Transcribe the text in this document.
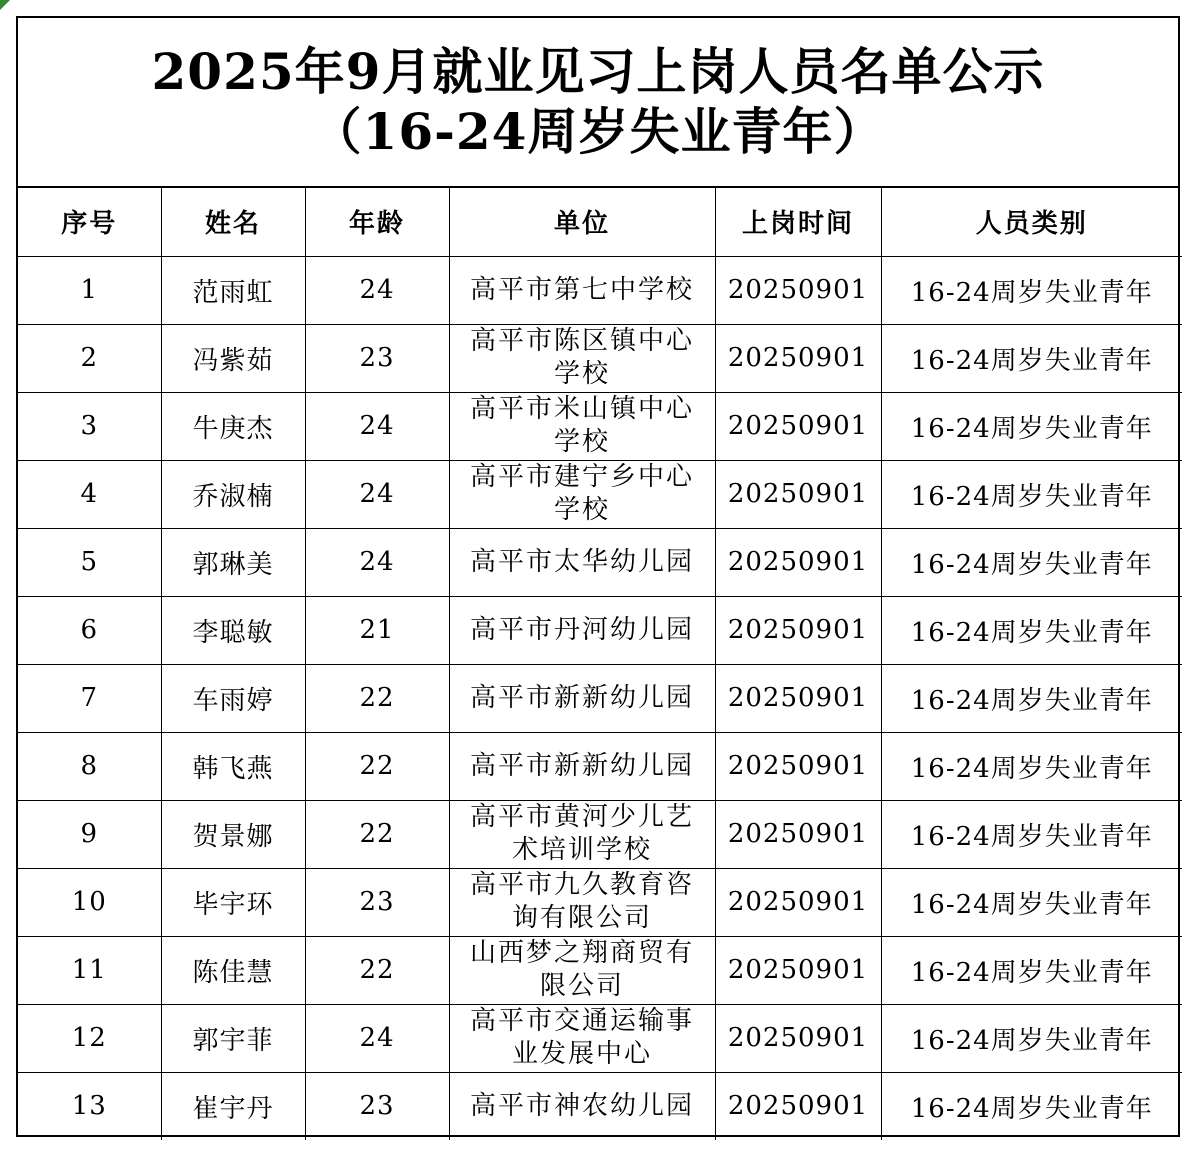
2025年9月就业见习上岗人员名单公示
（16-24周岁失业青年）
序号	姓名	年龄	单位	上岗时间	人员类别
1	范雨虹	24	高平市第七中学校	20250901	16-24周岁失业青年
2	冯紫茹	23	高平市陈区镇中心学校	20250901	16-24周岁失业青年
3	牛庚杰	24	高平市米山镇中心学校	20250901	16-24周岁失业青年
4	乔淑楠	24	高平市建宁乡中心学校	20250901	16-24周岁失业青年
5	郭琳美	24	高平市太华幼儿园	20250901	16-24周岁失业青年
6	李聪敏	21	高平市丹河幼儿园	20250901	16-24周岁失业青年
7	车雨婷	22	高平市新新幼儿园	20250901	16-24周岁失业青年
8	韩飞燕	22	高平市新新幼儿园	20250901	16-24周岁失业青年
9	贺景娜	22	高平市黄河少儿艺术培训学校	20250901	16-24周岁失业青年
10	毕宇环	23	高平市九久教育咨询有限公司	20250901	16-24周岁失业青年
11	陈佳慧	22	山西梦之翔商贸有限公司	20250901	16-24周岁失业青年
12	郭宇菲	24	高平市交通运输事业发展中心	20250901	16-24周岁失业青年
13	崔宇丹	23	高平市神农幼儿园	20250901	16-24周岁失业青年
